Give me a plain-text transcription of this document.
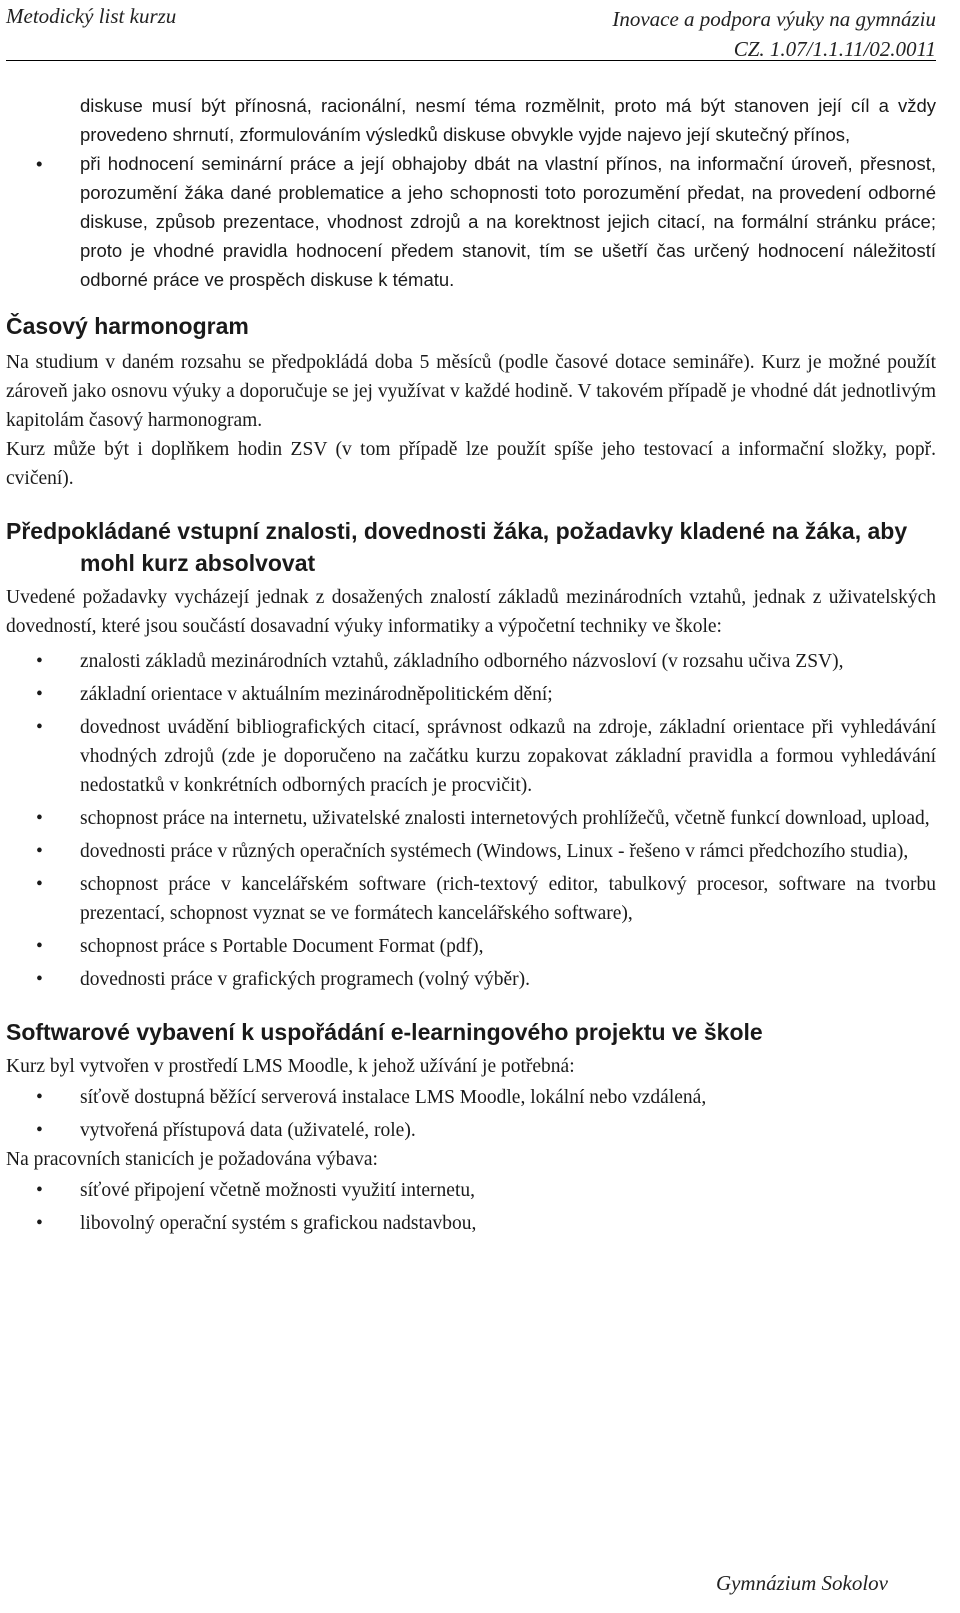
Metodický list kurzu	Inovace a podpora výuky na gymnáziu
CZ. 1.07/1.1.11/02.0011

diskuse musí být přínosná, racionální, nesmí téma rozmělnit, proto má být stanoven její cíl a vždy provedeno shrnutí, zformulováním výsledků diskuse obvykle vyjde najevo její skutečný přínos,

• při hodnocení seminární práce a její obhajoby dbát na vlastní přínos, na informační úroveň, přesnost, porozumění žáka dané problematice a jeho schopnosti toto porozumění předat, na provedení odborné diskuse, způsob prezentace, vhodnost zdrojů a na korektnost jejich citací, na formální stránku práce; proto je vhodné pravidla hodnocení předem stanovit, tím se ušetří čas určený hodnocení náležitostí odborné práce ve prospěch diskuse k tématu.
Časový harmonogram

Na studium v daném rozsahu se předpokládá doba 5 měsíců (podle časové dotace semináře). Kurz je možné použít zároveň jako osnovu výuky a doporučuje se jej využívat v každé hodině. V takovém případě je vhodné dát jednotlivým kapitolám časový harmonogram.

Kurz může být i doplňkem hodin ZSV (v tom případě lze použít spíše jeho testovací a informační složky, popř. cvičení).

Předpokládané vstupní znalosti, dovednosti žáka, požadavky kladené na žáka, aby mohl kurz absolvovat

Uvedené požadavky vycházejí jednak z dosažených znalostí základů mezinárodních vztahů, jednak z uživatelských dovedností, které jsou součástí dosavadní výuky informatiky a výpočetní techniky ve škole:

• znalosti základů mezinárodních vztahů, základního odborného názvosloví (v rozsahu učiva ZSV),
• základní orientace v aktuálním mezinárodněpolitickém dění;
• dovednost uvádění bibliografických citací, správnost odkazů na zdroje, základní orientace při vyhledávání vhodných zdrojů (zde je doporučeno na začátku kurzu zopakovat základní pravidla a formou vyhledávání nedostatků v konkrétních odborných pracích je procvičit).
• schopnost práce na internetu, uživatelské znalosti internetových prohlížečů, včetně funkcí download, upload,
• dovednosti práce v různých operačních systémech (Windows, Linux - řešeno v rámci předchozího studia),
• schopnost práce v kancelářském software (rich-textový editor, tabulkový procesor, software na tvorbu prezentací, schopnost vyznat se ve formátech kancelářského software),
• schopnost práce s Portable Document Format (pdf),
• dovednosti práce v grafických programech (volný výběr).
Softwarové vybavení k uspořádání e-learningového projektu ve škole

Kurz byl vytvořen v prostředí LMS Moodle, k jehož užívání je potřebná:

• síťově dostupná běžící serverová instalace LMS Moodle, lokální nebo vzdálená,
• vytvořená přístupová data (uživatelé, role).

Na pracovních stanicích je požadována výbava:

• síťové připojení včetně možnosti využití internetu,
• libovolný operační systém s grafickou nadstavbou,
Gymnázium Sokolov
